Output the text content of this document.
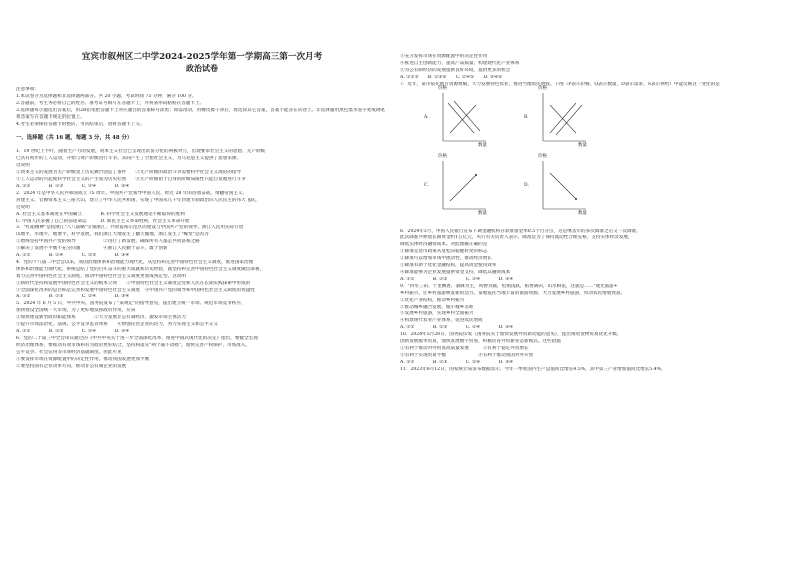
宜宾市叙州区二中学2024-2025学年第一学期高三第一次月考
政治试卷

注意事项：

1.本试卷分为选择题和非选择题两部分。共 20 小题，考试时间 75 分钟，满分 100 分。

2.答题前，考生务必将自己的姓名、准考证号填写在答题卡上，并将条形码粘贴在答题卡上。

3.选择题每小题选出答案后，用2B铅笔把答题卡上对应题目的答案标号涂黑；如需改动，用橡皮擦干净后，再选涂其它答案，答案不能答在试卷上。非选择题用黑色墨水签字笔或钢笔将答案写在答题卡规定的位置上。

4.考生必须保持答题卡的整洁，考试结束后，请将答题卡上交。

一、选择题（共 16 题，每题 3 分，共 48 分）

1．19 世纪上半叶，随着生产力的发展，资本主义社会已呈现出贫富分化的两极对立，出现要求社会主义的思想，无产阶级

已具有初步的工人运动，开始与资产阶级进行斗争。其间产生了空想社会主义，为马克思主义提供了思想来源，

这说明

①资本主义的发展为无产阶级登上历史舞台创造了条件　　②无产阶级的政治斗争需要科学社会主义理论的指导

③工人运动的兴起使科学社会主义的产生成为历史必然　　④无产阶级由于自身的阶级局限性只能自发地进行斗争

A. ①②　　　　B. ①③　　　　C. ②④　　　　D. ③④

2．2024 年是中华人民共和国成立 75 周年。中国共产党领导中国人民，经过 28 年的浴血奋战，推翻帝国主义、

封建主义、官僚资本主义三座大山，建立了中华人民共和国，实现了中国从几千年封建专制政治向人民民主的伟大飞跃。

这说明

A. 社会主义基本制度在中国确立　　　　B. 科学社会主义发展理论不断取得的胜利

C. 中国人民掌握了自己的前途命运　　　D. 新民主主义革命胜利，社会主义革命开始

3．"红船精神"是指浙江"八八战略"引领浙江，共同富裕示范区的建设与中国共产党的领导。浙江人民用实际行动

山地平，水地平，地要平，科学发展，我们浙江大地发生了翻天覆地、浙江发生了"蝶变"是因为

①始终坚持中国共产党的领导　　　　　　②进行了新发展，确保所有人都走共同富裕之路

③解决了发展不平衡不充分问题　　　　　④浙江人民勤于奋斗，敢于创新

A. ①②　　　　B. ①④　　　　C. ②③　　　　D. ③④

4．党的十八届二中全会以来，我国治理体系和治理能力现代化，从坚持和完善中国特色社会主义制度、推进国家治理

体系和治理能力现代化，系统总结了党的百年奋斗的重大成就和历史经验，就坚持和完善中国特色社会主义制度做出部署，

着力完善中国特色社会主义制度，推动中国特色社会主义制度更加成熟定型。这说明

①新时代坚持和发展中国特色社会主义的根本立场　　②中国特色社会主义制度是党和人民在长期实践探索中形成的

③全面深化改革的总目标是完善和发展中国特色社会主义制度　④中国共产党的领导和中国特色社会主义制度的优越性

A. ①②　　　　B. ①③　　　　C. ②④　　　　D. ③④

5．2024 年 6 月 5 日，中共中央、国务院发布了"某规定"的指导意见，提出建立统一市场、规范市场竞争秩序，

加快建设全国统一大市场，为了更好地发挥政府作用，应该

①加快建设新型政府职能体系　　　　②大力发展非公有制经济，激发市场主体活力

③提升市场法治化、法规、公平竞争监管体系　　④增强民营企业的活力，努力实现主义和公平正义

A. ①②　　　　B. ①③　　　　C. ②④　　　　D. ③④

6．党的二十届三中全会审议通过的《中共中央关于进一步全面深化改革、推进中国式现代化的决定》指出，要健全宏观

经济治理体系，要推动有效市场和有为政府更好结合，坚持和落实"两个毫不动摇"，加快完善产权保护、市场准入、

公平竞争、社会信用等市场经济基础制度。由此可见

①要发挥市场在资源配置中的决定性作用，推动我国发展更加平衡

②要坚持国有企业改革方向，推动非公有制企业的发展

③充分发挥市场在资源配置中的决定性作用

④推进自主创新能力，提高产品质量，构建现代化产业体系

⑤为公有制经济的发展提供良好环境，提供更多的机会

A. ①②③　　B. ①③⑤　　C. ②④⑤　　D. ③④⑤

7．近年，某市依托地方资源禀赋，大力发展特色农业，推进当地农民增收。下图（P表示价格，Q表示数量，D表示需求，S表示供给）中能反映这一变化的是

A.
价格
数量
B.
价格
数量
C.
价格
数量
D.
价格
数量

8．2024年3月，中国人民银行宣布下调金融机构存款准备金率0.5个百分点，这是继去年的多次降准之后又一次降准。

此次降准共释放长期资金约1万亿元，央行有关负责人表示，降准是为了保持流动性合理充裕，支持实体经济发展，

降低实体经济融资成本。对此理解正确的是

①降准是货币政策从宽松向稳健转变的标志

②降准可以增加市场中流动性，推动经济增长

③降准有助于优化金融结构，提高资金使用效率

④降准能够为企业发展提供资金支持，降低其融资成本

A. ①②　　　　B. ①③　　　　C. ②④　　　　D. ③④

9．"四水三田、十里飘香，桑麻为主，风物为辅，鱼翔浅底，稻香满田，山水相依，这就是……"观光旅游+

乡村振兴，让乡村旅游焕发新的活力。某地依托当地丰富的旅游资源，大力发展乡村旅游，带动农民增收致富。

①优化产业结构，推动乡村振兴

②推动城乡融合发展，缩小城乡差距

③发展乡村旅游，实现乡村全面振兴

④构建现代农业产业体系，促进农民增收

A. ①②　　　　B. ①③　　　　C. ②④　　　　D. ③④

10．2024年5月28日，国务院印发《国务院关于加快发展外贸新动能的意见》，提出推进货物贸易优化升级，

创新发展服务贸易，加快发展数字贸易，积极培育外贸新业态新模式。这些措施

①有利于推动对外贸易高质量发展　　　②有利于稳定外贸增长

③有利于实现贸易平衡　　　　　　　④有利于推动我国对外开放

A. ①②　　　　B. ①③　　　　C. ②④　　　　D. ③④

11．2023年6月12日，国家统计局发布数据显示，今年一季度国内生产总值同比增长4.5%，其中第三产业增加值同比增长5.4%，
